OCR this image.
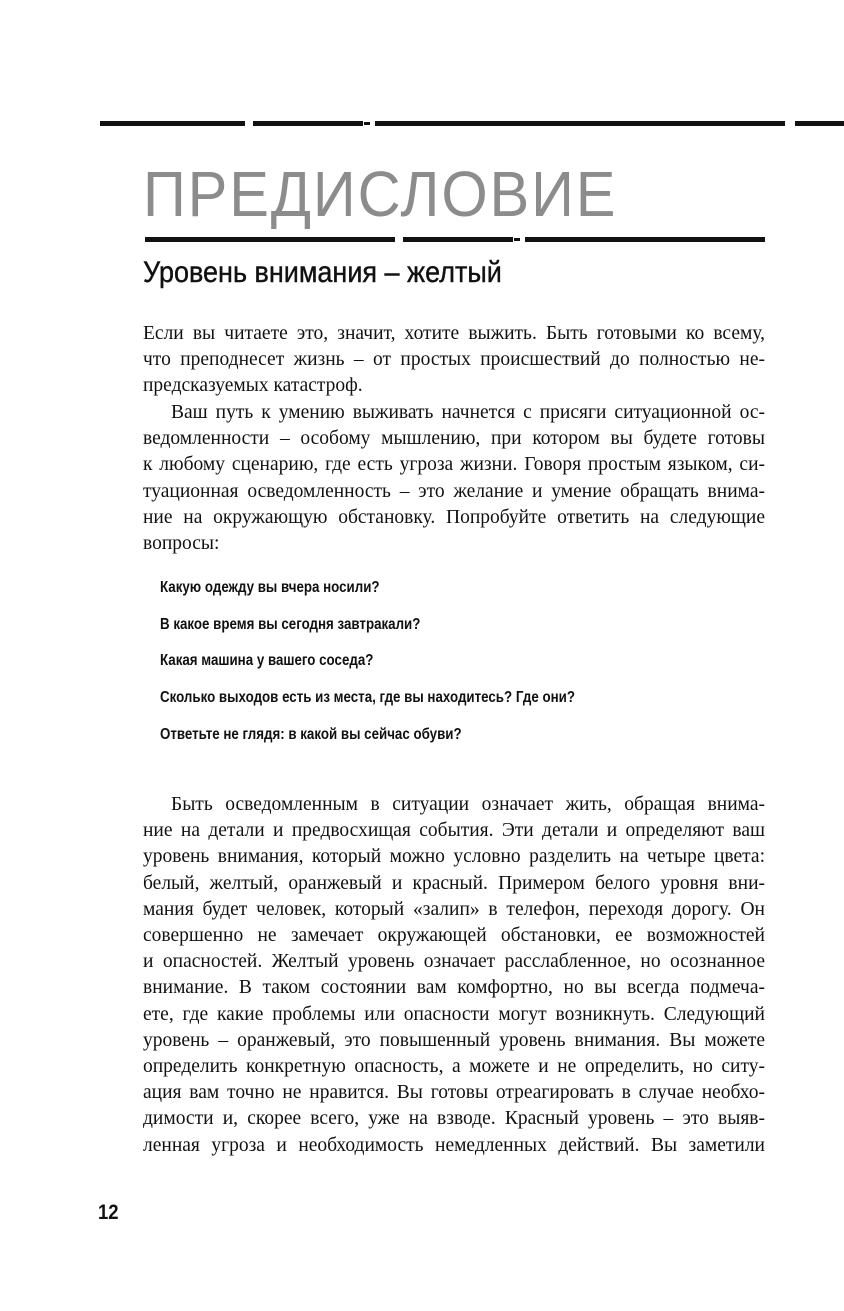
ПРЕДИСЛОВИЕ
Уровень внимания – желтый

Если вы читаете это, значит, хотите выжить. Быть готовыми ко всему,
что преподнесет жизнь – от простых происшествий до полностью не-
предсказуемых катастроф.

Ваш путь к умению выживать начнется с присяги ситуационной ос-
ведомленности – особому мышлению, при котором вы будете готовы
к любому сценарию, где есть угроза жизни. Говоря простым языком, си-
туационная осведомленность – это желание и умение обращать внима-
ние на окружающую обстановку. Попробуйте ответить на следующие
вопросы:

Какую одежду вы вчера носили?
В какое время вы сегодня завтракали?
Какая машина у вашего соседа?
Сколько выходов есть из места, где вы находитесь? Где они?
Ответьте не глядя: в какой вы сейчас обуви?

Быть осведомленным в ситуации означает жить, обращая внима-
ние на детали и предвосхищая события. Эти детали и определяют ваш
уровень внимания, который можно условно разделить на четыре цвета:
белый, желтый, оранжевый и красный. Примером белого уровня вни-
мания будет человек, который «залип» в телефон, переходя дорогу. Он
совершенно не замечает окружающей обстановки, ее возможностей
и опасностей. Желтый уровень означает расслабленное, но осознанное
внимание. В таком состоянии вам комфортно, но вы всегда подмеча-
ете, где какие проблемы или опасности могут возникнуть. Следующий
уровень – оранжевый, это повышенный уровень внимания. Вы можете
определить конкретную опасность, а можете и не определить, но ситу-
ация вам точно не нравится. Вы готовы отреагировать в случае необхо-
димости и, скорее всего, уже на взводе. Красный уровень – это выяв-
ленная угроза и необходимость немедленных действий. Вы заметили

12
